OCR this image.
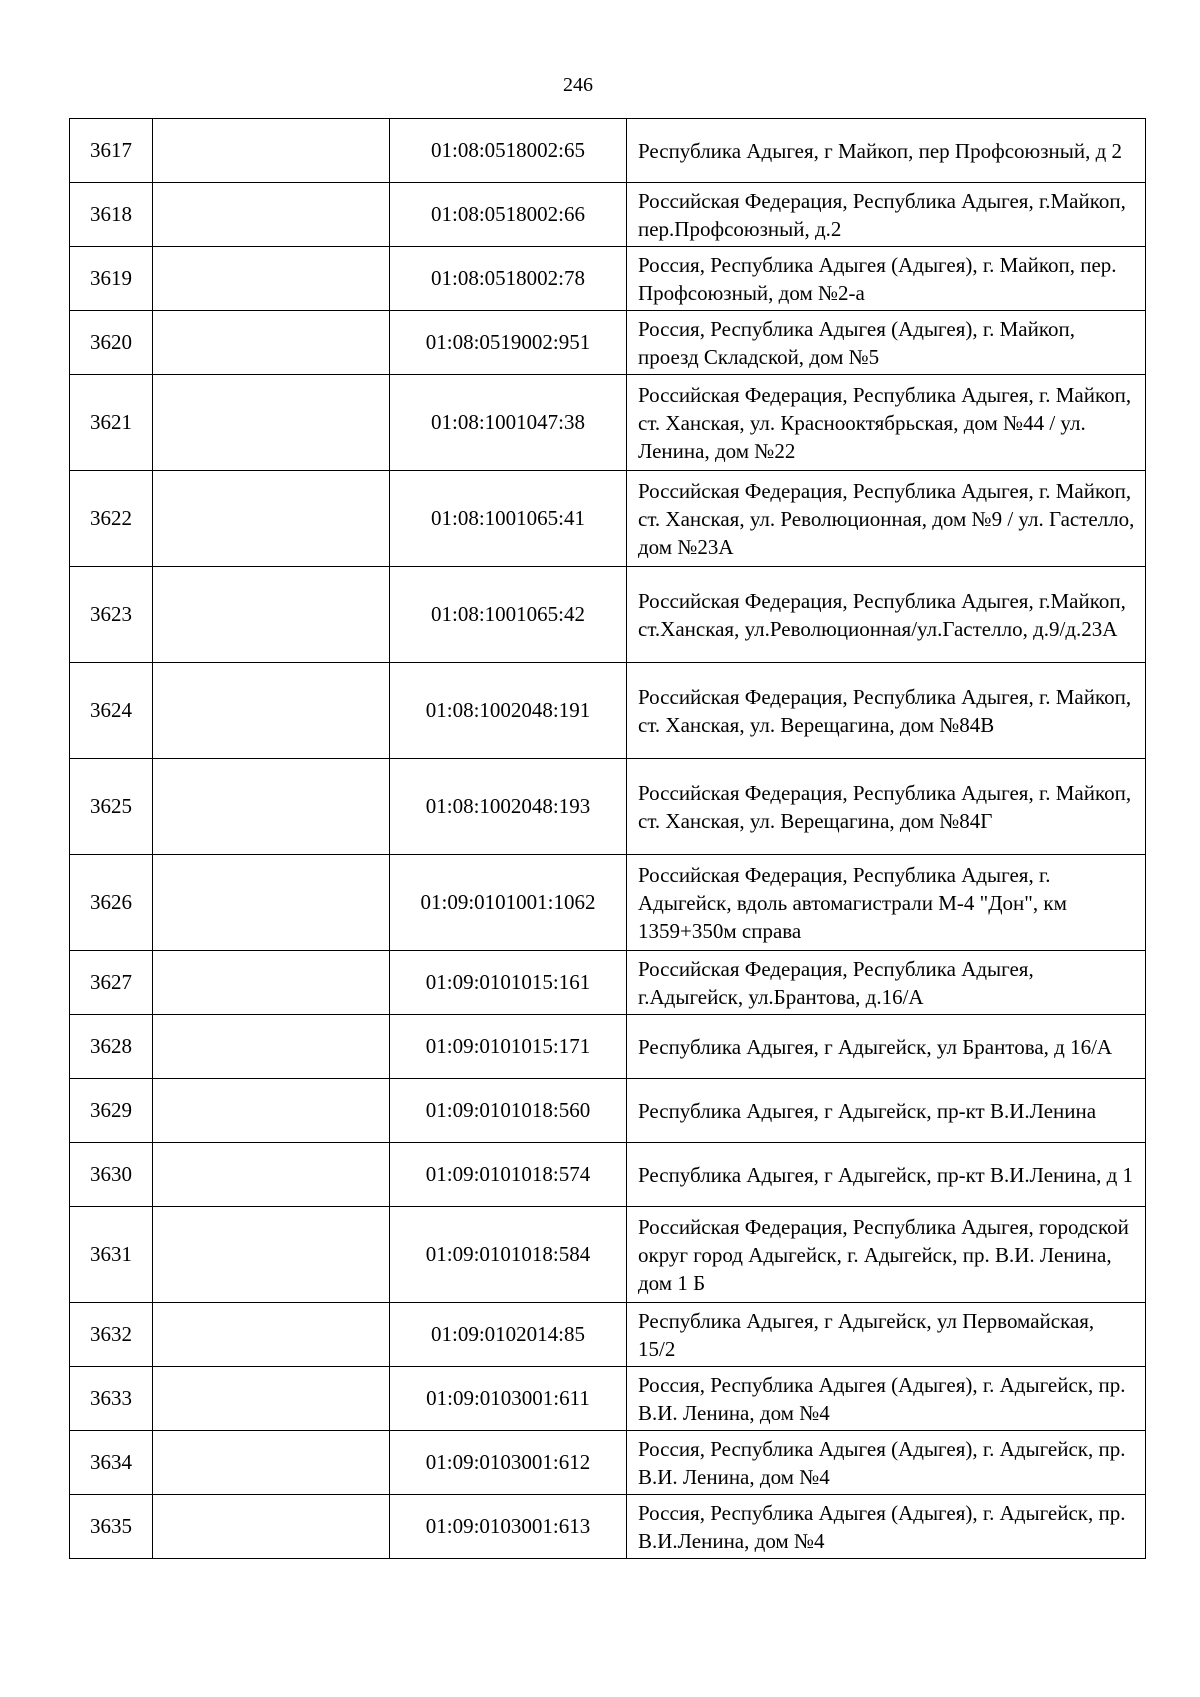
246
3617		01:08:0518002:65	Республика Адыгея, г Майкоп, пер Профсоюзный, д 2
3618		01:08:0518002:66	Российская Федерация, Республика Адыгея, г.Майкоп, пер.Профсоюзный, д.2
3619		01:08:0518002:78	Россия, Республика Адыгея (Адыгея), г. Майкоп, пер. Профсоюзный, дом №2-а
3620		01:08:0519002:951	Россия, Республика Адыгея (Адыгея), г. Майкоп, проезд Складской, дом №5
3621		01:08:1001047:38	Российская Федерация, Республика Адыгея, г. Майкоп, ст. Ханская, ул. Краснооктябрьская, дом №44 / ул. Ленина, дом №22
3622		01:08:1001065:41	Российская Федерация, Республика Адыгея, г. Майкоп, ст. Ханская, ул. Революционная, дом №9 / ул. Гастелло, дом №23А
3623		01:08:1001065:42	Российская Федерация, Республика Адыгея, г.Майкоп, ст.Ханская, ул.Революционная/ул.Гастелло, д.9/д.23А
3624		01:08:1002048:191	Российская Федерация, Республика Адыгея, г. Майкоп, ст. Ханская, ул. Верещагина, дом №84В
3625		01:08:1002048:193	Российская Федерация, Республика Адыгея, г. Майкоп, ст. Ханская, ул. Верещагина, дом №84Г
3626		01:09:0101001:1062	Российская Федерация, Республика Адыгея, г. Адыгейск, вдоль автомагистрали М-4 "Дон", км 1359+350м справа
3627		01:09:0101015:161	Российская Федерация, Республика Адыгея, г.Адыгейск, ул.Брантова, д.16/А
3628		01:09:0101015:171	Республика Адыгея, г Адыгейск, ул Брантова, д 16/А
3629		01:09:0101018:560	Республика Адыгея, г Адыгейск, пр-кт В.И.Ленина
3630		01:09:0101018:574	Республика Адыгея, г Адыгейск, пр-кт В.И.Ленина, д 1
3631		01:09:0101018:584	Российская Федерация, Республика Адыгея, городской округ город Адыгейск, г. Адыгейск, пр. В.И. Ленина, дом 1 Б
3632		01:09:0102014:85	Республика Адыгея, г Адыгейск, ул Первомайская, 15/2
3633		01:09:0103001:611	Россия, Республика Адыгея (Адыгея), г. Адыгейск, пр. В.И. Ленина, дом №4
3634		01:09:0103001:612	Россия, Республика Адыгея (Адыгея), г. Адыгейск, пр. В.И. Ленина, дом №4
3635		01:09:0103001:613	Россия, Республика Адыгея (Адыгея), г. Адыгейск, пр. В.И.Ленина, дом №4
